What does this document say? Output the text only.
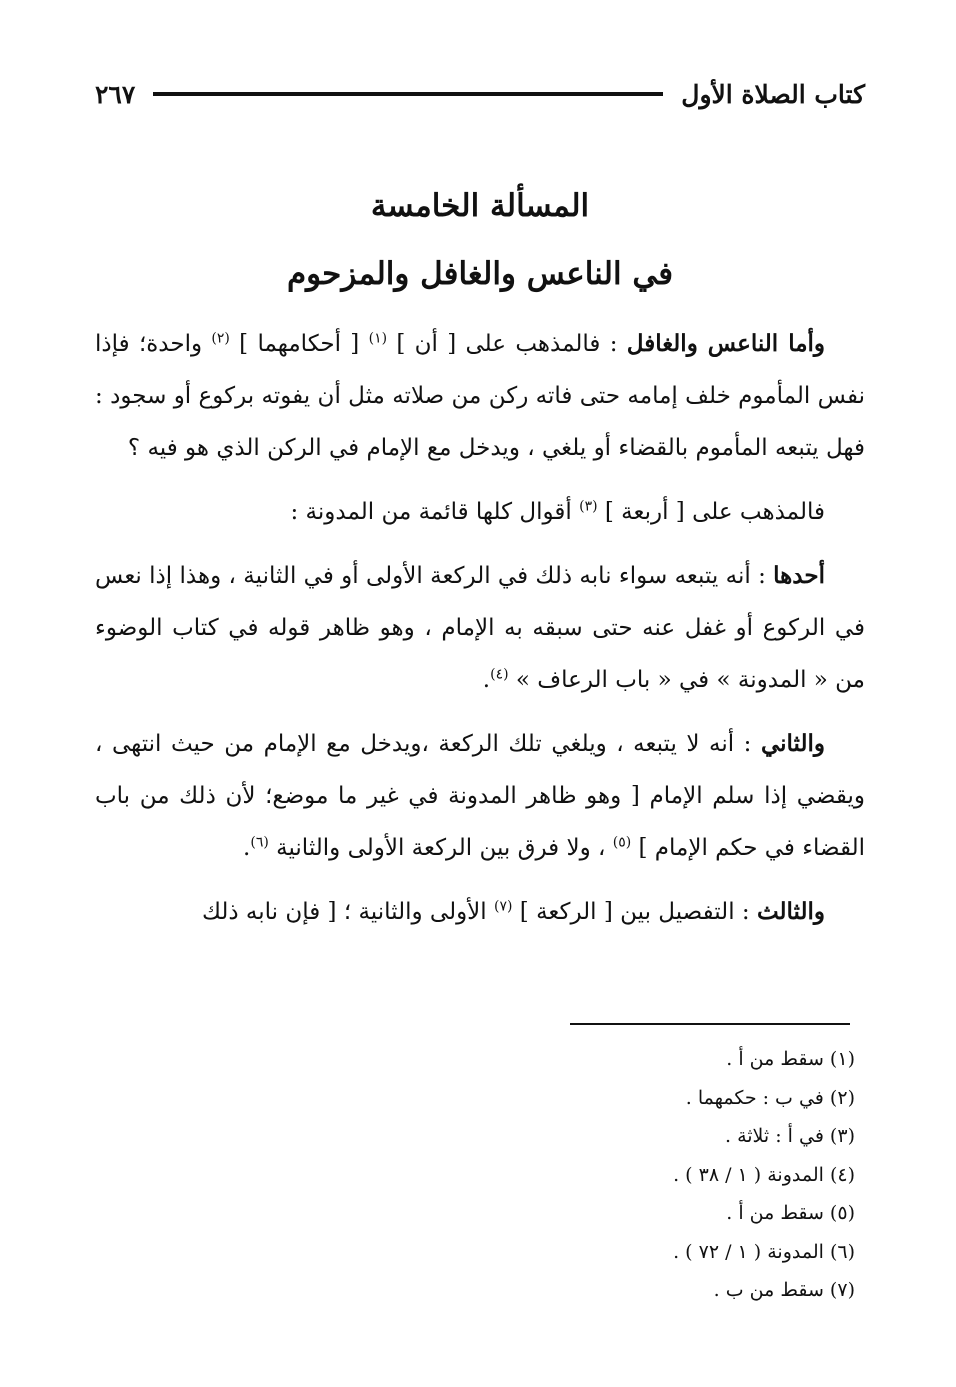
كتاب الصلاة الأول
٢٦٧
المسألة الخامسة
في الناعس والغافل والمزحوم

وأما الناعس والغافل : فالمذهب على [ أن ] $^{(١)}$ [ أحكامهما ] $^{(٢)}$ واحدة؛ فإذا نفس المأموم خلف إمامه حتى فاته ركن من صلاته مثل أن يفوته بركوع أو سجود : فهل يتبعه المأموم بالقضاء أو يلغي ، ويدخل مع الإمام في الركن الذي هو فيه ؟

فالمذهب على [ أربعة ] $^{(٣)}$ أقوال كلها قائمة من المدونة :

أحدها : أنه يتبعه سواء نابه ذلك في الركعة الأولى أو في الثانية ، وهذا إذا نعس في الركوع أو غفل عنه حتى سبقه به الإمام ، وهو ظاهر قوله في كتاب الوضوء من « المدونة » في « باب الرعاف » $^{(٤)}$.

والثاني : أنه لا يتبعه ، ويلغي تلك الركعة ،ويدخل مع الإمام من حيث انتهى ، ويقضي إذا سلم الإمام [ وهو ظاهر المدونة في غير ما موضع؛ لأن ذلك من باب القضاء في حكم الإمام ] $^{(٥)}$ ، ولا فرق بين الركعة الأولى والثانية $^{(٦)}$.

والثالث : التفصيل بين [ الركعة ] $^{(٧)}$ الأولى والثانية ؛ [ فإن نابه ذلك

(١) سقط من أ .
(٢) في ب : حكمهما .
(٣) في أ : ثلاثة .
(٤) المدونة ( ١ / ٣٨ ) .
(٥) سقط من أ .
(٦) المدونة ( ١ / ٧٢ ) .
(٧) سقط من ب .
